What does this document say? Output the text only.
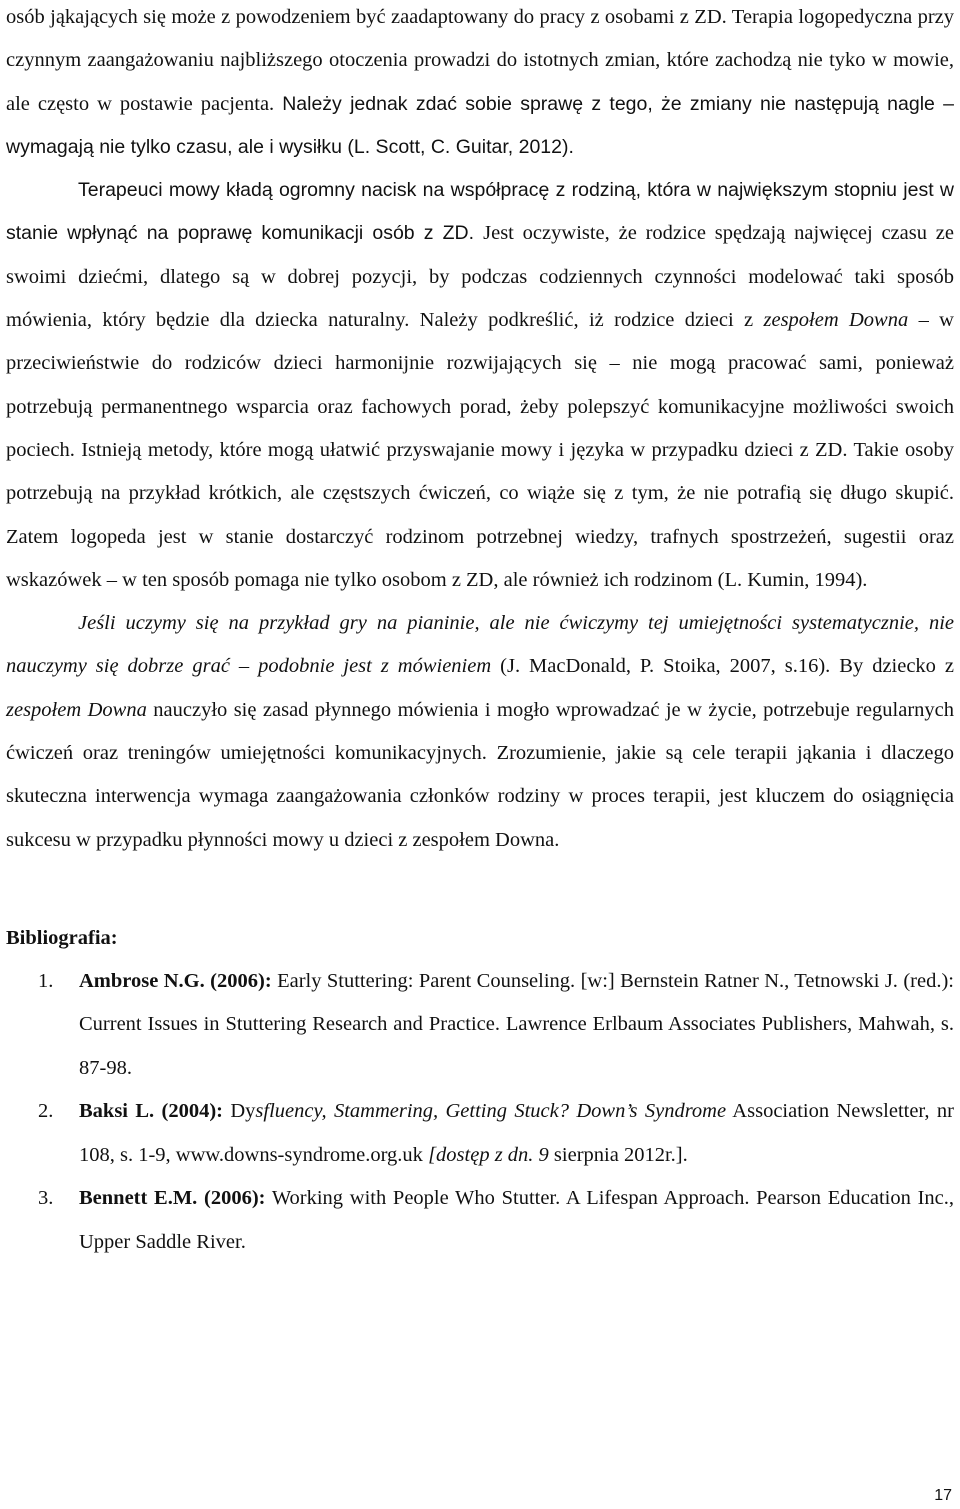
osób jąkających się może z powodzeniem być zaadaptowany do pracy z osobami z ZD. Terapia logopedyczna przy czynnym zaangażowaniu najbliższego otoczenia prowadzi do istotnych zmian, które zachodzą nie tyko w mowie, ale często w postawie pacjenta. Należy jednak zdać sobie sprawę z tego, że zmiany nie następują nagle – wymagają nie tylko czasu, ale i wysiłku (L. Scott, C. Guitar, 2012).

Terapeuci mowy kładą ogromny nacisk na współpracę z rodziną, która w największym stopniu jest w stanie wpłynąć na poprawę komunikacji osób z ZD. Jest oczywiste, że rodzice spędzają najwięcej czasu ze swoimi dziećmi, dlatego są w dobrej pozycji, by podczas codziennych czynności modelować taki sposób mówienia, który będzie dla dziecka naturalny. Należy podkreślić, iż rodzice dzieci z zespołem Downa – w przeciwieństwie do rodziców dzieci harmonijnie rozwijających się – nie mogą pracować sami, ponieważ potrzebują permanentnego wsparcia oraz fachowych porad, żeby polepszyć komunikacyjne możliwości swoich pociech. Istnieją metody, które mogą ułatwić przyswajanie mowy i języka w przypadku dzieci z ZD. Takie osoby potrzebują na przykład krótkich, ale częstszych ćwiczeń, co wiąże się z tym, że nie potrafią się długo skupić. Zatem logopeda jest w stanie dostarczyć rodzinom potrzebnej wiedzy, trafnych spostrzeżeń, sugestii oraz wskazówek – w ten sposób pomaga nie tylko osobom z ZD, ale również ich rodzinom (L. Kumin, 1994).

Jeśli uczymy się na przykład gry na pianinie, ale nie ćwiczymy tej umiejętności systematycznie, nie nauczymy się dobrze grać – podobnie jest z mówieniem (J. MacDonald, P. Stoika, 2007, s.16). By dziecko z zespołem Downa nauczyło się zasad płynnego mówienia i mogło wprowadzać je w życie, potrzebuje regularnych ćwiczeń oraz treningów umiejętności komunikacyjnych. Zrozumienie, jakie są cele terapii jąkania i dlaczego skuteczna interwencja wymaga zaangażowania członków rodziny w proces terapii, jest kluczem do osiągnięcia sukcesu w przypadku płynności mowy u dzieci z zespołem Downa.

Bibliografia:
1. Ambrose N.G. (2006): Early Stuttering: Parent Counseling. [w:] Bernstein Ratner N., Tetnowski J. (red.): Current Issues in Stuttering Research and Practice. Lawrence Erlbaum Associates Publishers, Mahwah, s. 87-98.
2. Baksi L. (2004): Dysfluency, Stammering, Getting Stuck? Down’s Syndrome Association Newsletter, nr 108, s. 1-9, www.downs-syndrome.org.uk [dostęp z dn. 9 sierpnia 2012r.].
3. Bennett E.M. (2006): Working with People Who Stutter. A Lifespan Approach. Pearson Education Inc., Upper Saddle River.
17
